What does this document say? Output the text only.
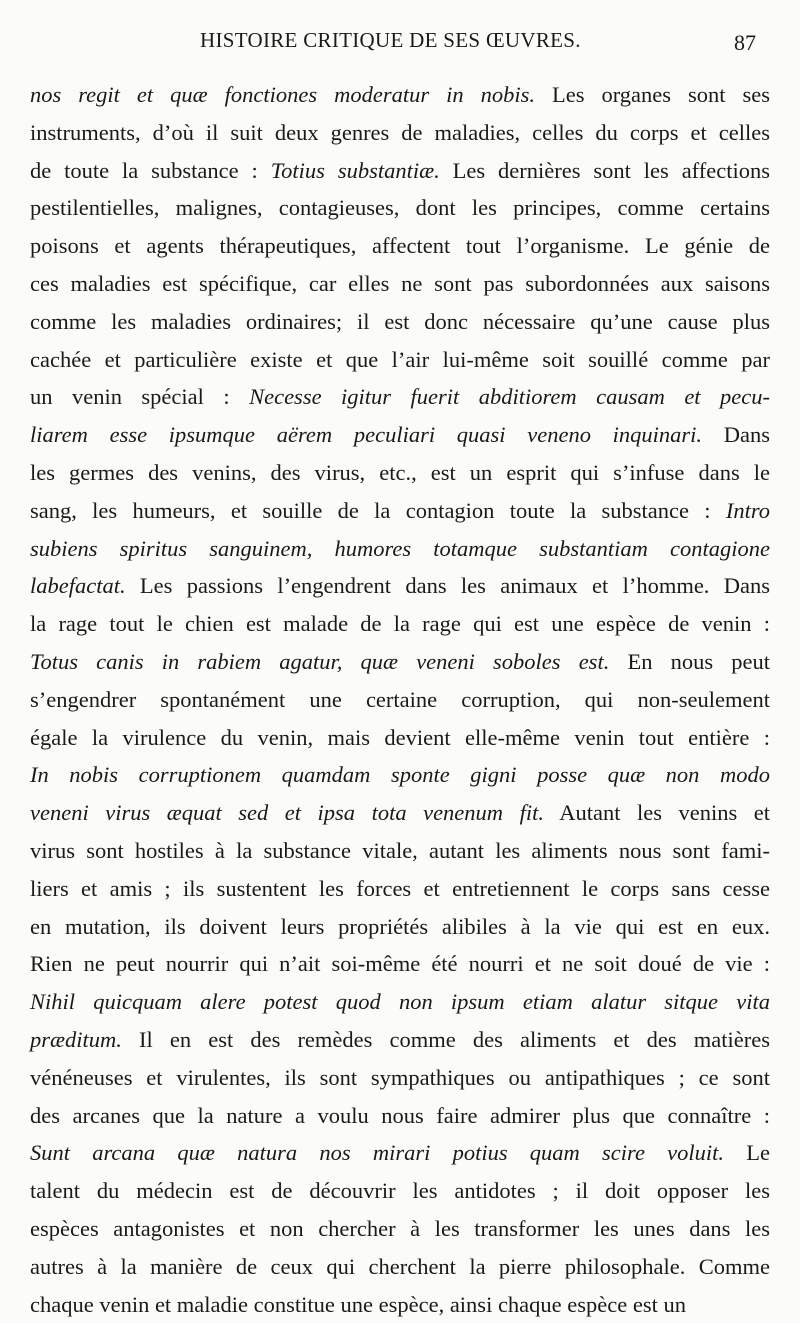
HISTOIRE CRITIQUE DE SES ŒUVRES.	87
nos regit et quæ fonctiones moderatur in nobis. Les organes sont ses
instruments, d’où il suit deux genres de maladies, celles du corps et celles
de toute la substance : Totius substantiæ. Les dernières sont les affections
pestilentielles, malignes, contagieuses, dont les principes, comme certains
poisons et agents thérapeutiques, affectent tout l’organisme. Le génie de
ces maladies est spécifique, car elles ne sont pas subordonnées aux saisons
comme les maladies ordinaires; il est donc nécessaire qu’une cause plus
cachée et particulière existe et que l’air lui-même soit souillé comme par
un venin spécial : Necesse igitur fuerit abditiorem causam et pecu-
liarem esse ipsumque aërem peculiari quasi veneno inquinari. Dans
les germes des venins, des virus, etc., est un esprit qui s’infuse dans le
sang, les humeurs, et souille de la contagion toute la substance : Intro
subiens spiritus sanguinem, humores totamque substantiam contagione
labefactat. Les passions l’engendrent dans les animaux et l’homme. Dans
la rage tout le chien est malade de la rage qui est une espèce de venin :
Totus canis in rabiem agatur, quæ veneni soboles est. En nous peut
s’engendrer spontanément une certaine corruption, qui non-seulement
égale la virulence du venin, mais devient elle-même venin tout entière :
In nobis corruptionem quamdam sponte gigni posse quæ non modo
veneni virus æquat sed et ipsa tota venenum fit. Autant les venins et
virus sont hostiles à la substance vitale, autant les aliments nous sont fami-
liers et amis ; ils sustentent les forces et entretiennent le corps sans cesse
en mutation, ils doivent leurs propriétés alibiles à la vie qui est en eux.
Rien ne peut nourrir qui n’ait soi-même été nourri et ne soit doué de vie :
Nihil quicquam alere potest quod non ipsum etiam alatur sitque vita
præditum. Il en est des remèdes comme des aliments et des matières
vénéneuses et virulentes, ils sont sympathiques ou antipathiques ; ce sont
des arcanes que la nature a voulu nous faire admirer plus que connaître :
Sunt arcana quæ natura nos mirari potius quam scire voluit. Le
talent du médecin est de découvrir les antidotes ; il doit opposer les
espèces antagonistes et non chercher à les transformer les unes dans les
autres à la manière de ceux qui cherchent la pierre philosophale. Comme
chaque venin et maladie constitue une espèce, ainsi chaque espèce est un
